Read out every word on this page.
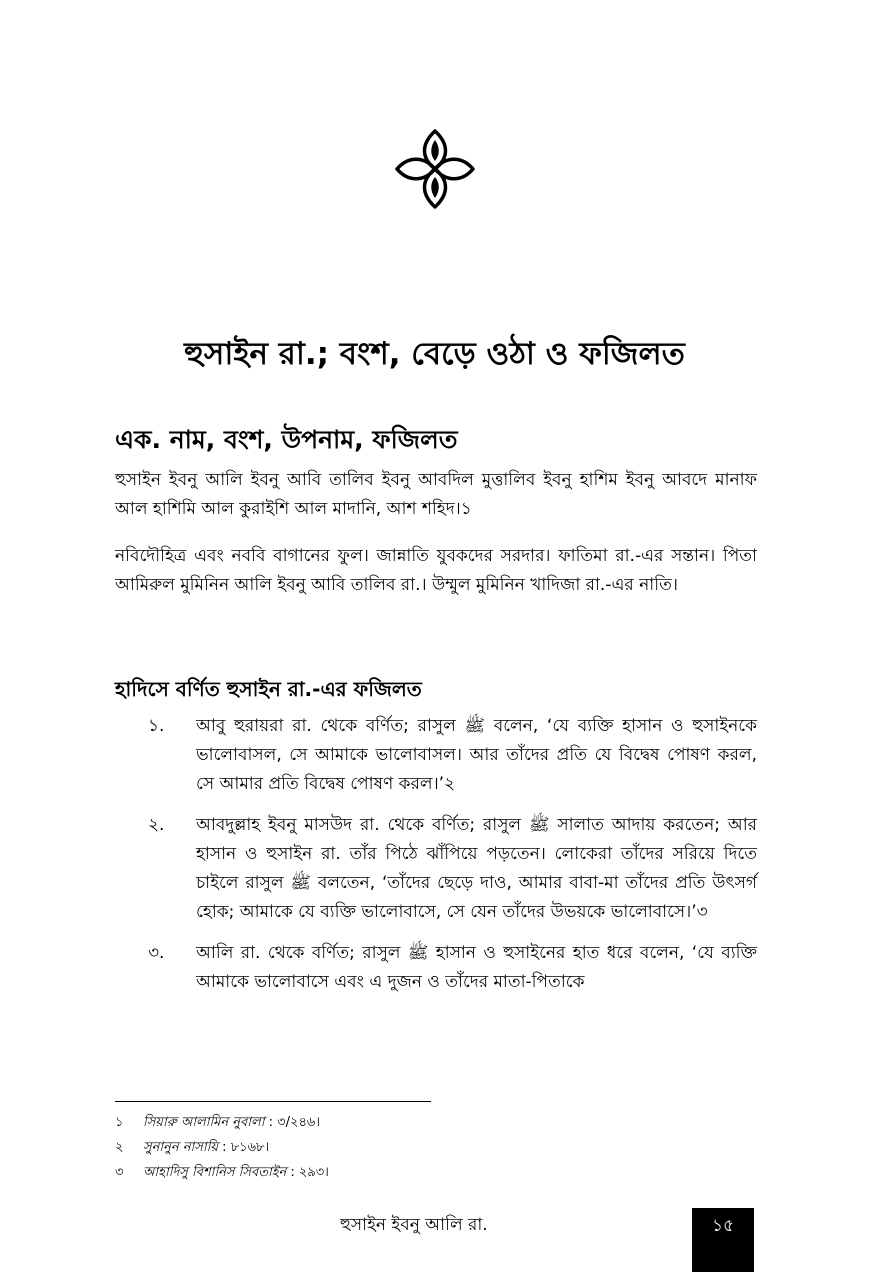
হুসাইন রা.; বংশ, বেড়ে ওঠা ও ফজিলত
এক. নাম, বংশ, উপনাম, ফজিলত

হুসাইন ইবনু আলি ইবনু আবি তালিব ইবনু আবদিল মুত্তালিব ইবনু হাশিম ইবনু আবদে মানাফ আল হাশিমি আল কুরাইশি আল মাদানি, আশ শহিদ।১

নবিদৌহিত্র এবং নববি বাগানের ফুল। জান্নাতি যুবকদের সরদার। ফাতিমা রা.-এর সন্তান। পিতা আমিরুল মুমিনিন আলি ইবনু আবি তালিব রা.। উম্মুল মুমিনিন খাদিজা রা.-এর নাতি।

হাদিসে বর্ণিত হুসাইন রা.-এর ফজিলত
১.	আবু হুরায়রা রা. থেকে বর্ণিত; রাসুল ﷺ বলেন, ‘যে ব্যক্তি হাসান ও হুসাইনকে ভালোবাসল, সে আমাকে ভালোবাসল। আর তাঁদের প্রতি যে বিদ্বেষ পোষণ করল, সে আমার প্রতি বিদ্বেষ পোষণ করল।’২
২.	আবদুল্লাহ ইবনু মাসউদ রা. থেকে বর্ণিত; রাসুল ﷺ সালাত আদায় করতেন; আর হাসান ও হুসাইন রা. তাঁর পিঠে ঝাঁপিয়ে পড়তেন। লোকেরা তাঁদের সরিয়ে দিতে চাইলে রাসুল ﷺ বলতেন, ‘তাঁদের ছেড়ে দাও, আমার বাবা-মা তাঁদের প্রতি উৎসর্গ হোক; আমাকে যে ব্যক্তি ভালোবাসে, সে যেন তাঁদের উভয়কে ভালোবাসে।’৩
৩.	আলি রা. থেকে বর্ণিত; রাসুল ﷺ হাসান ও হুসাইনের হাত ধরে বলেন, ‘যে ব্যক্তি আমাকে ভালোবাসে এবং এ দুজন ও তাঁদের মাতা-পিতাকে
১ সিয়ারু আলামিন নুবালা : ৩/২৪৬।
২ সুনানুন নাসায়ি : ৮১৬৮।
৩ আহাদিসু বিশানিস সিবতাইন : ২৯৩।
হুসাইন ইবনু আলি রা.	১৫
